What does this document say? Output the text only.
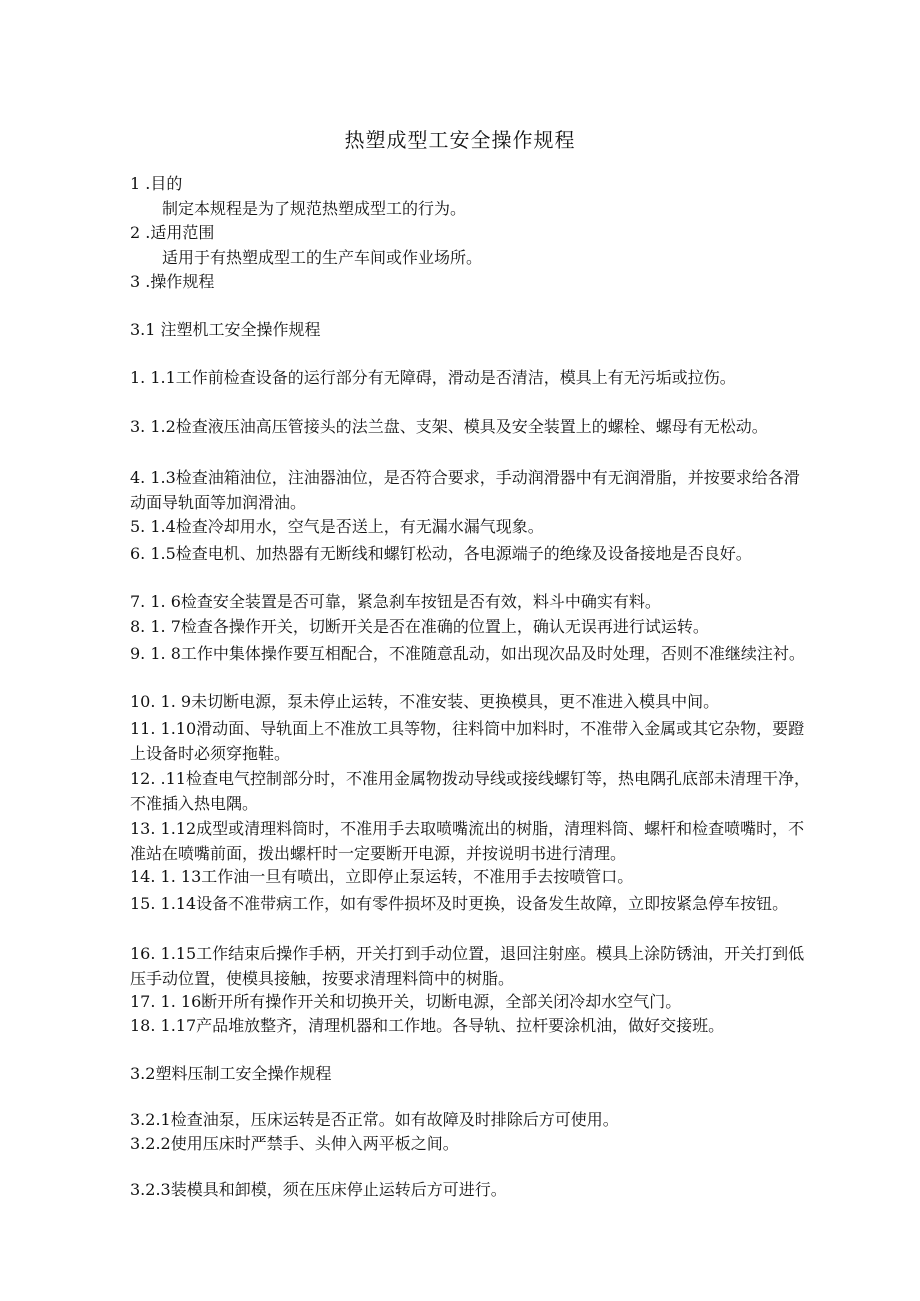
热塑成型工安全操作规程
1 .目的
制定本规程是为了规范热塑成型工的行为。
2 .适用范围
适用于有热塑成型工的生产车间或作业场所。
3 .操作规程
3.1 注塑机工安全操作规程
1. 1.1工作前检查设备的运行部分有无障碍，滑动是否清洁，模具上有无污垢或拉伤。
3. 1.2检查液压油高压管接头的法兰盘、支架、模具及安全装置上的螺栓、螺母有无松动。
4. 1.3检查油箱油位，注油器油位，是否符合要求，手动润滑器中有无润滑脂，并按要求给各滑动面导轨面等加润滑油。
5. 1.4检查冷却用水，空气是否送上，有无漏水漏气现象。
6. 1.5检查电机、加热器有无断线和螺钉松动，各电源端子的绝缘及设备接地是否良好。
7. 1. 6检查安全装置是否可靠，紧急刹车按钮是否有效，料斗中确实有料。
8. 1. 7检查各操作开关，切断开关是否在准确的位置上，确认无误再进行试运转。
9. 1. 8工作中集体操作要互相配合，不准随意乱动，如出现次品及时处理，否则不准继续注衬。
10. 1. 9未切断电源，泵未停止运转，不准安装、更换模具，更不准进入模具中间。
11. 1.10滑动面、导轨面上不准放工具等物，往料筒中加料时，不准带入金属或其它杂物，要蹬上设备时必须穿拖鞋。
12. .11检查电气控制部分时，不准用金属物拨动导线或接线螺钉等，热电隅孔底部未清理干净，不准插入热电隅。
13. 1.12成型或清理料筒时，不准用手去取喷嘴流出的树脂，清理料筒、螺杆和检查喷嘴时，不准站在喷嘴前面，拨出螺杆时一定要断开电源，并按说明书进行清理。
14. 1. 13工作油一旦有喷出，立即停止泵运转，不准用手去按喷管口。
15. 1.14设备不准带病工作，如有零件损坏及时更换，设备发生故障，立即按紧急停车按钮。
16. 1.15工作结束后操作手柄，开关打到手动位置，退回注射座。模具上涂防锈油，开关打到低压手动位置，使模具接触，按要求清理料筒中的树脂。
17. 1. 16断开所有操作开关和切换开关，切断电源，全部关闭冷却水空气门。
18. 1.17产品堆放整齐，清理机器和工作地。各导轨、拉杆要涂机油，做好交接班。
3.2塑料压制工安全操作规程
3.2.1检查油泵，压床运转是否正常。如有故障及时排除后方可使用。
3.2.2使用压床时严禁手、头伸入两平板之间。
3.2.3装模具和卸模，须在压床停止运转后方可进行。
